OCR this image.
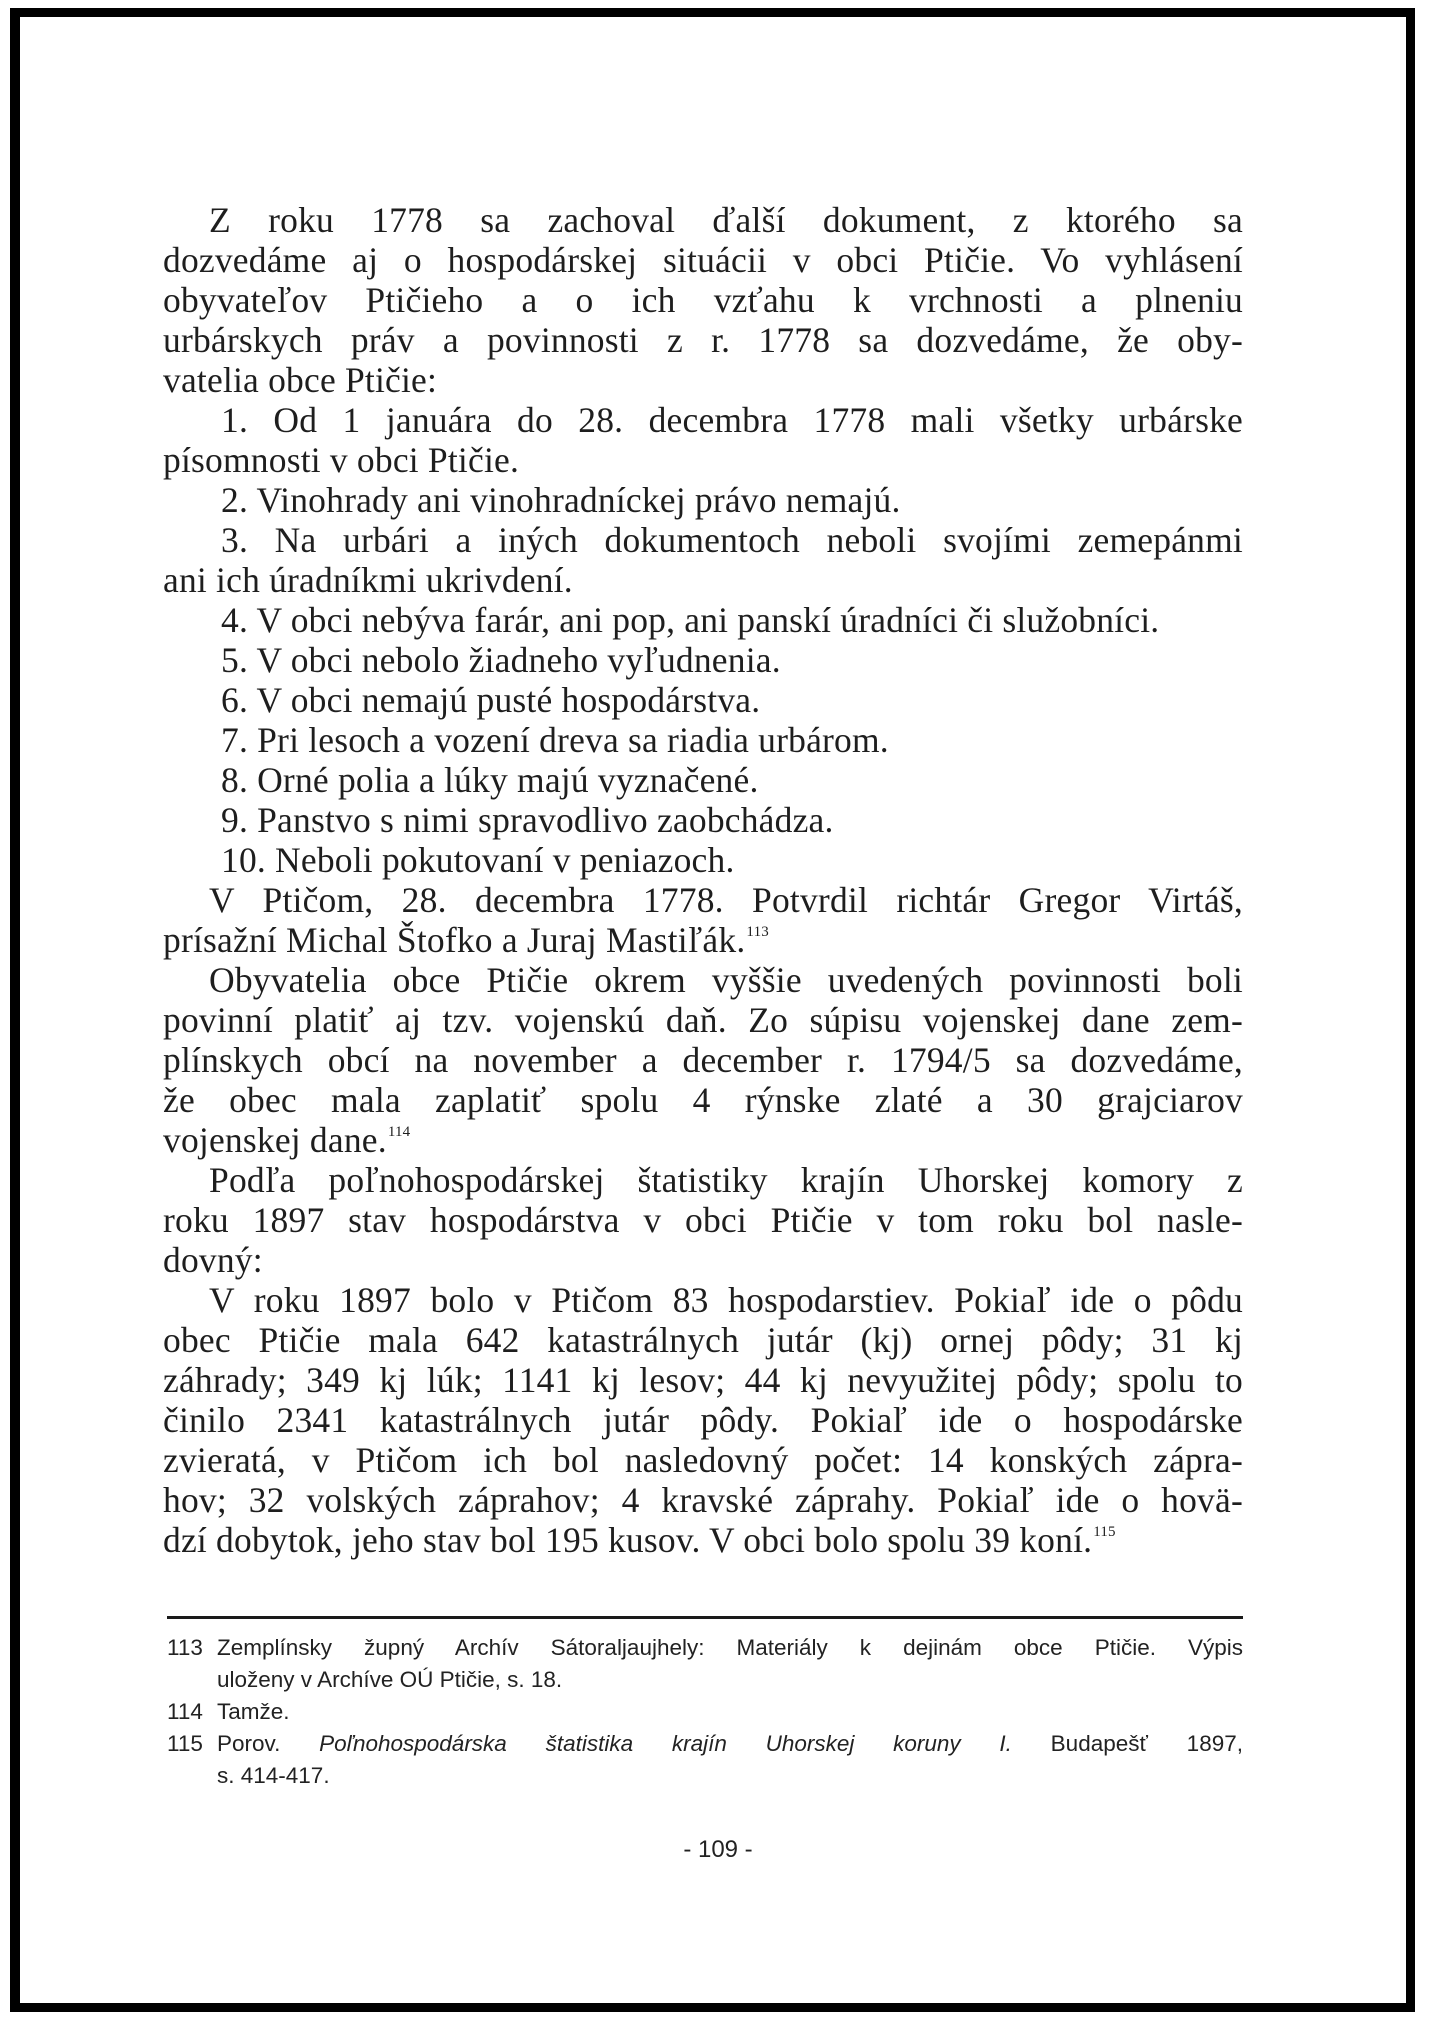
Z roku 1778 sa zachoval ďalší dokument, z ktorého sa
dozvedáme aj o hospodárskej situácii v obci Ptičie. Vo vyhlásení
obyvateľov Ptičieho a o ich vzťahu k vrchnosti a plneniu
urbárskych práv a povinnosti z r. 1778 sa dozvedáme, že oby-
vatelia obce Ptičie:
1. Od 1 januára do 28. decembra 1778 mali všetky urbárske
písomnosti v obci Ptičie.
2. Vinohrady ani vinohradníckej právo nemajú.
3. Na urbári a iných dokumentoch neboli svojími zemepánmi
ani ich úradníkmi ukrivdení.
4. V obci nebýva farár, ani pop, ani panskí úradníci či služobníci.
5. V obci nebolo žiadneho vyľudnenia.
6. V obci nemajú pusté hospodárstva.
7. Pri lesoch a vození dreva sa riadia urbárom.
8. Orné polia a lúky majú vyznačené.
9. Panstvo s nimi spravodlivo zaobchádza.
10. Neboli pokutovaní v peniazoch.
V Ptičom, 28. decembra 1778. Potvrdil richtár Gregor Virtáš,
prísažní Michal Štofko a Juraj Mastiľák.$^{113}$
Obyvatelia obce Ptičie okrem vyššie uvedených povinnosti boli
povinní platiť aj tzv. vojenskú daň. Zo súpisu vojenskej dane zem-
plínskych obcí na november a december r. 1794/5 sa dozvedáme,
že obec mala zaplatiť spolu 4 rýnske zlaté a 30 grajciarov
vojenskej dane.$^{114}$
Podľa poľnohospodárskej štatistiky krajín Uhorskej komory z
roku 1897 stav hospodárstva v obci Ptičie v tom roku bol nasle-
dovný:
V roku 1897 bolo v Ptičom 83 hospodarstiev. Pokiaľ ide o pôdu
obec Ptičie mala 642 katastrálnych jutár (kj) ornej pôdy; 31 kj
záhrady; 349 kj lúk; 1141 kj lesov; 44 kj nevyužitej pôdy; spolu to
činilo 2341 katastrálnych jutár pôdy. Pokiaľ ide o hospodárske
zvieratá, v Ptičom ich bol nasledovný počet: 14 konských zápra-
hov; 32 volských záprahov; 4 kravské záprahy. Pokiaľ ide o hovä-
dzí dobytok, jeho stav bol 195 kusov. V obci bolo spolu 39 koní.$^{115}$
113 Zemplínsky župný Archív Sátoraljaujhely: Materiály k dejinám obce Ptičie. Výpis
uloženy v Archíve OÚ Ptičie, s. 18.
114 Tamže.
115 Porov. Poľnohospodárska štatistika krajín Uhorskej koruny I. Budapešť 1897,
s. 414-417.
- 109 -
